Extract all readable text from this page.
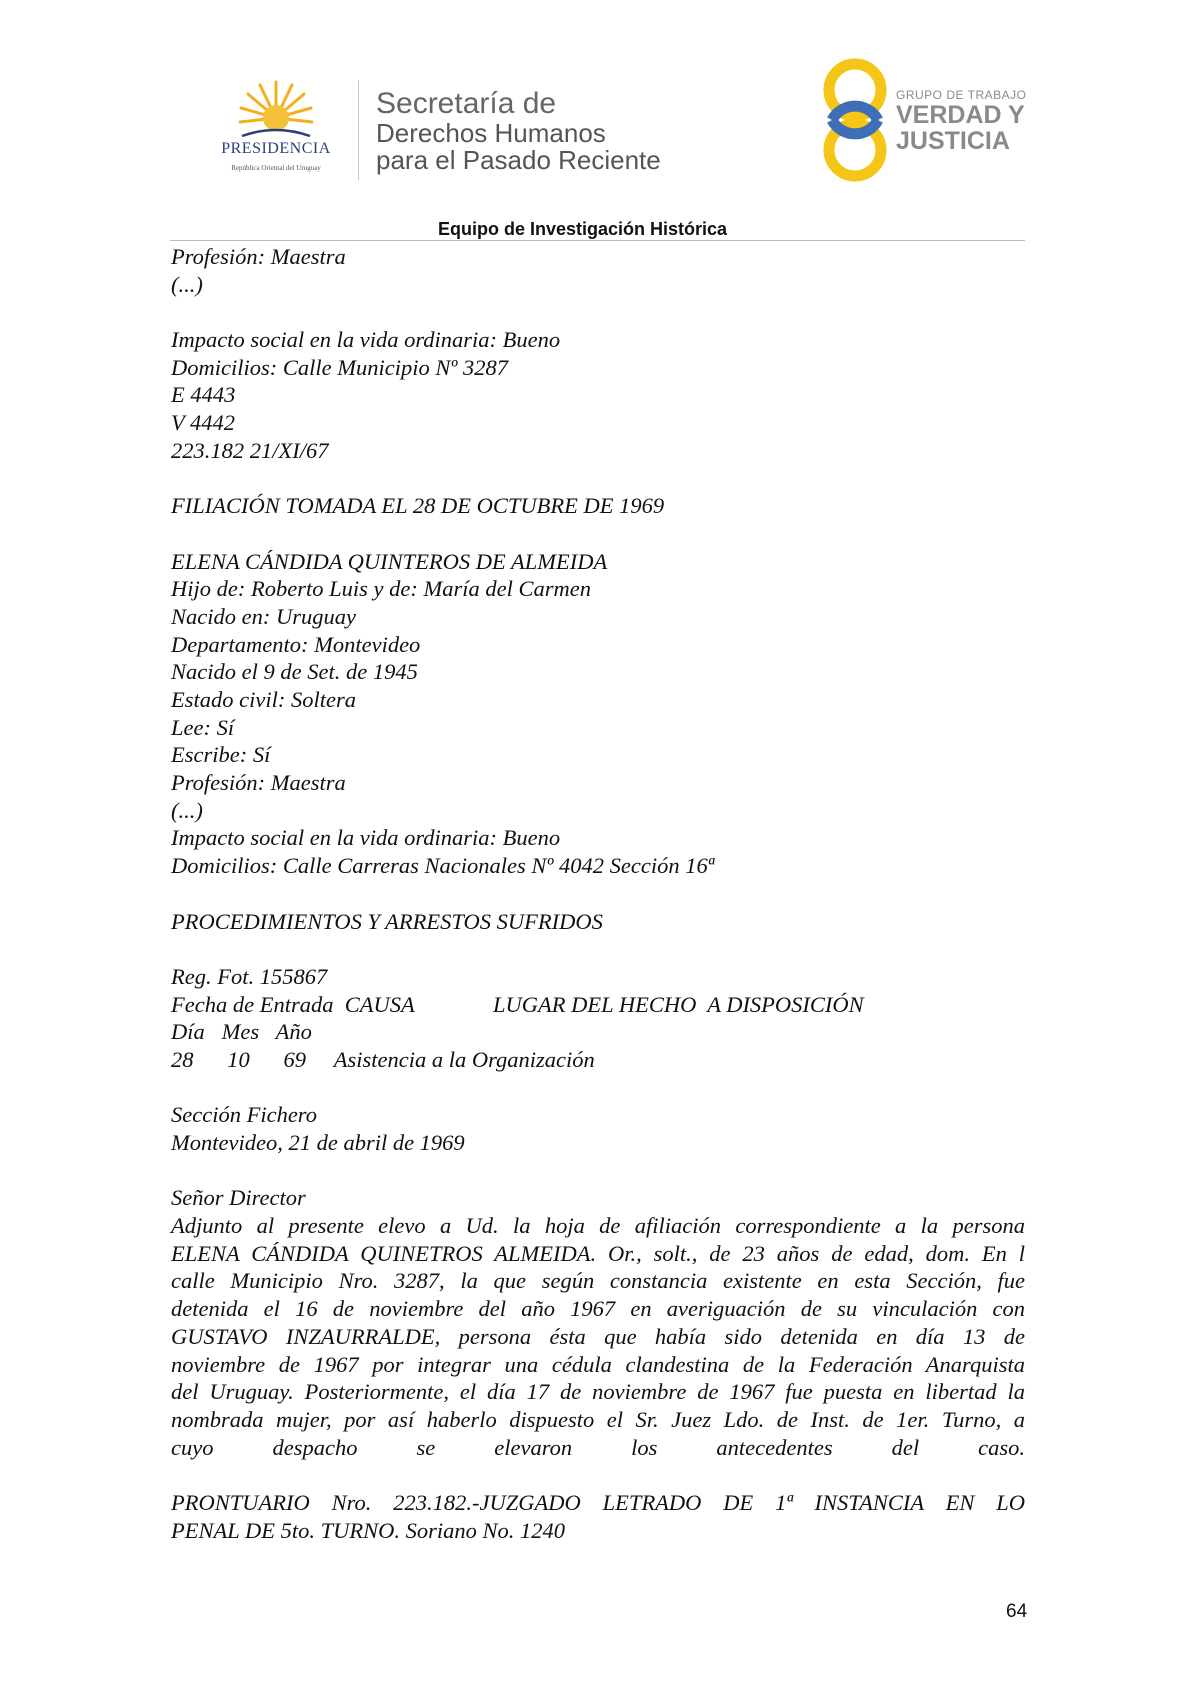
PRESIDENCIA
República Oriental del Uruguay
Secretaría de
Derechos Humanos
para el Pasado Reciente
GRUPO DE TRABAJO
VERDAD Y
JUSTICIA
Equipo de Investigación Histórica
Profesión: Maestra
(...)
Impacto social en la vida ordinaria: Bueno
Domicilios: Calle Municipio Nº 3287
E 4443
V 4442
223.182 21/XI/67
FILIACIÓN TOMADA EL 28 DE OCTUBRE DE 1969
ELENA CÁNDIDA QUINTEROS DE ALMEIDA
Hijo de: Roberto Luis y de: María del Carmen
Nacido en: Uruguay
Departamento: Montevideo
Nacido el 9 de Set. de 1945
Estado civil: Soltera
Lee: Sí
Escribe: Sí
Profesión: Maestra
(...)
Impacto social en la vida ordinaria: Bueno
Domicilios: Calle Carreras Nacionales Nº 4042 Sección 16ª
PROCEDIMIENTOS Y ARRESTOS SUFRIDOS
Reg. Fot. 155867
Fecha de Entrada  CAUSA              LUGAR DEL HECHO  A DISPOSICIÓN
Día   Mes   Año
28      10      69     Asistencia a la Organización
Sección Fichero
Montevideo, 21 de abril de 1969
Señor Director
Adjunto al presente elevo a Ud. la hoja de afiliación correspondiente a la persona
ELENA CÁNDIDA QUINETROS ALMEIDA. Or., solt., de 23 años de edad, dom. En l
calle Municipio Nro. 3287, la que según constancia existente en esta Sección, fue
detenida el 16 de noviembre del año 1967 en averiguación de su vinculación con
GUSTAVO INZAURRALDE, persona ésta que había sido detenida en día 13 de
noviembre de 1967 por integrar una cédula clandestina de la Federación Anarquista
del Uruguay. Posteriormente, el día 17 de noviembre de 1967 fue puesta en libertad la
nombrada mujer, por así haberlo dispuesto el Sr. Juez Ldo. de Inst. de 1er. Turno, a
cuyo despacho se elevaron los antecedentes del caso.
PRONTUARIO Nro. 223.182.-JUZGADO LETRADO DE 1ª INSTANCIA EN LO
PENAL DE 5to. TURNO. Soriano No. 1240
64
